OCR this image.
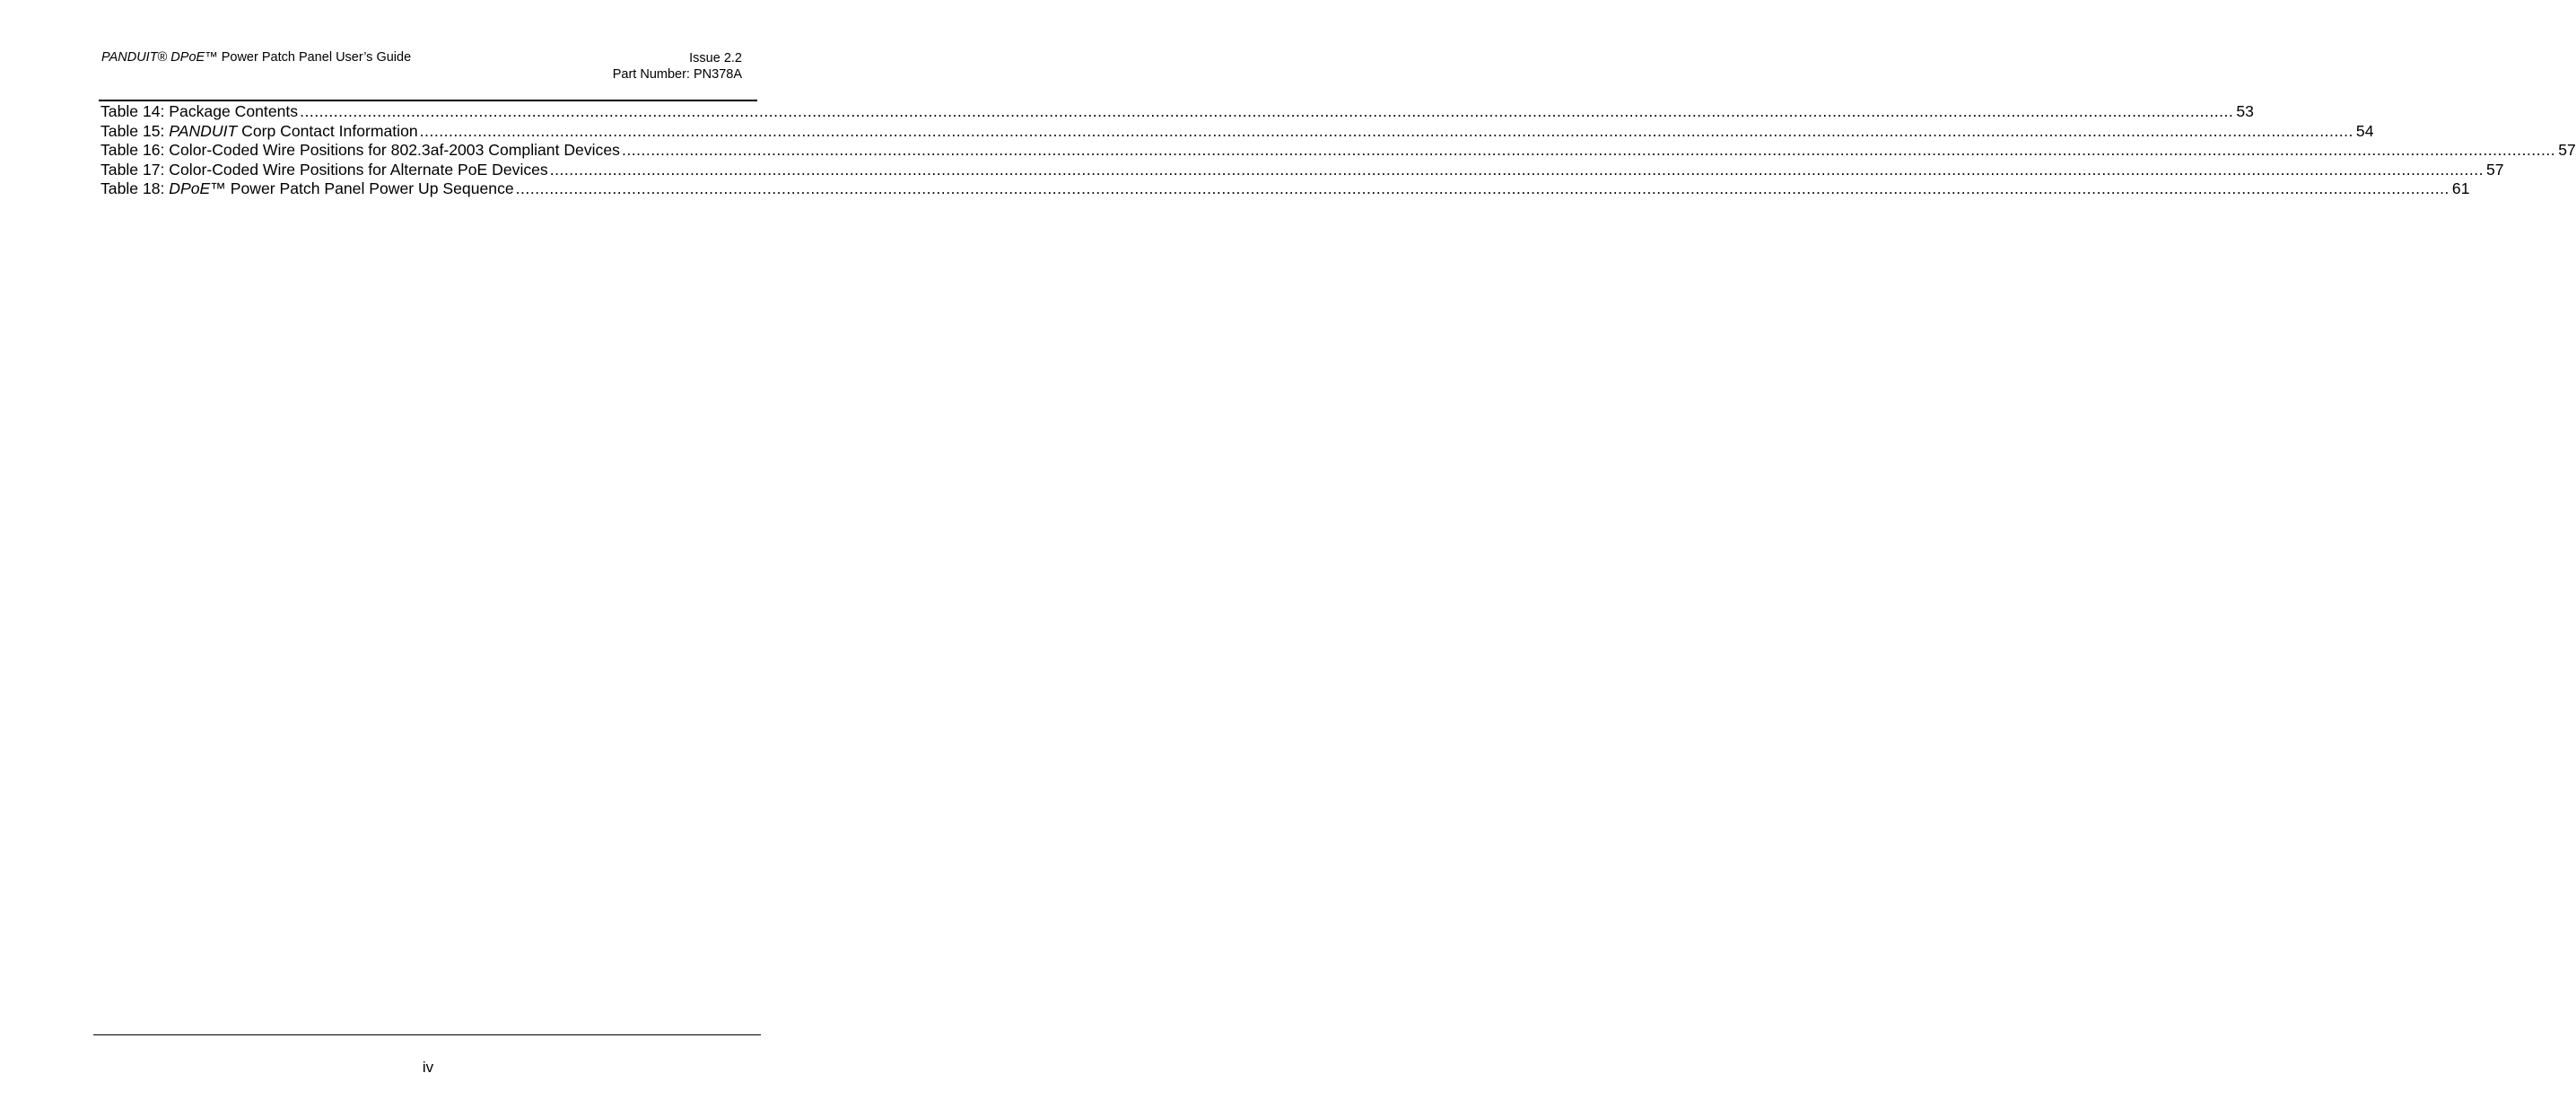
PANDUIT® DPoE™ Power Patch Panel User’s Guide	Issue 2.2
Part Number: PN378A
Table 14: Package Contents ................................................................................................................................................................................................................................................................................................................................................................................................................ 53
Table 15: PANDUIT Corp Contact Information ................................................................................................................................................................................................................................................................................................................................................................................................................ 54
Table 16: Color-Coded Wire Positions for 802.3af-2003 Compliant Devices ................................................................................................................................................................................................................................................................................................................................................................................................................ 57
Table 17: Color-Coded Wire Positions for Alternate PoE Devices ................................................................................................................................................................................................................................................................................................................................................................................................................ 57
Table 18: DPoE™ Power Patch Panel Power Up Sequence ................................................................................................................................................................................................................................................................................................................................................................................................................ 61
iv
